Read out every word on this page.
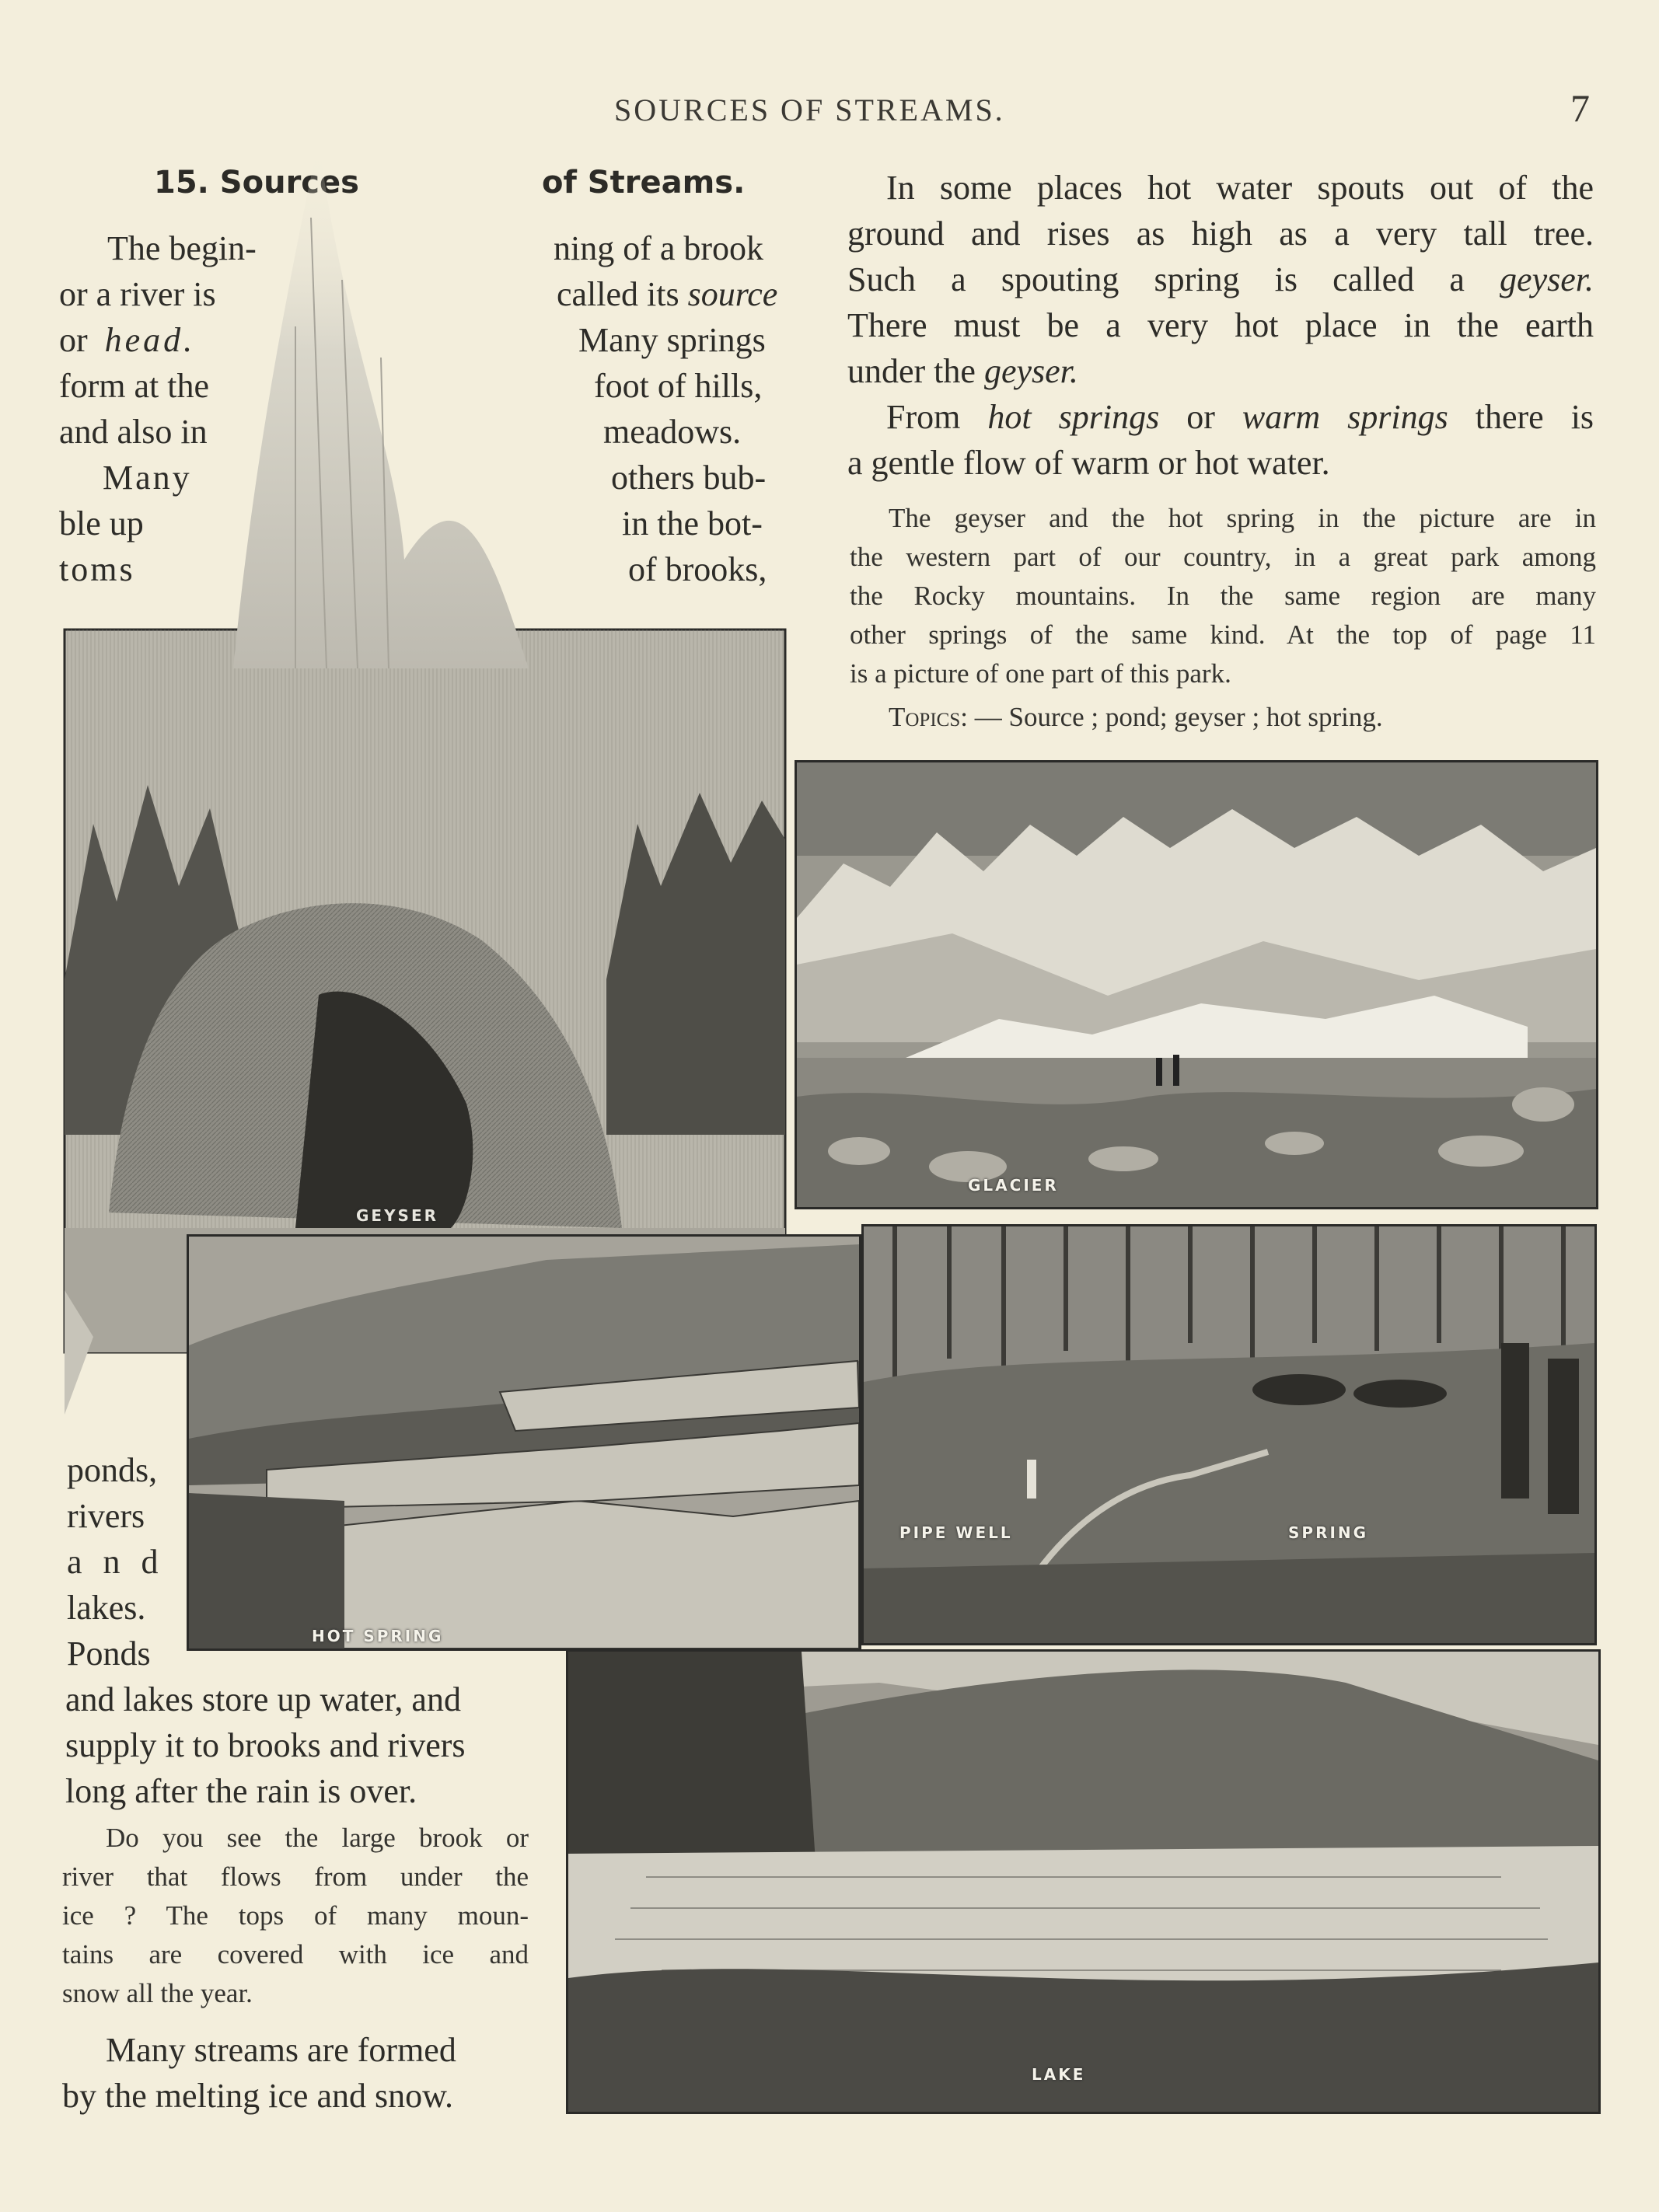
SOURCES OF STREAMS.	7
15. Sources	of Streams.
GEYSER
The begin-
or a river is
or head.
form at the
and also in
Many
ble up
toms
ning of a brook
called its source
Many springs
foot of hills,
meadows.
others bub-
in the bot-
of brooks,
In some places hot water spouts out of the
ground and rises as high as a very tall tree.
Such a spouting spring is called a geyser.
There must be a very hot place in the earth
under the geyser.
From hot springs or warm springs there is
a gentle flow of warm or hot water.
The geyser and the hot spring in the picture are in
the western part of our country, in a great park among
the Rocky mountains. In the same region are many
other springs of the same kind. At the top of page 11
is a picture of one part of this park.
Topics: — Source ; pond; geyser ; hot spring.
GLACIER
HOT SPRING
PIPE WELL	SPRING
LAKE
ponds,
rivers
a n d
lakes.
Ponds
and lakes store up water, and
supply it to brooks and rivers
long after the rain is over.
Do you see the large brook or
river that flows from under the
ice ? The tops of many moun-
tains are covered with ice and
snow all the year.
Many streams are formed
by the melting ice and snow.
